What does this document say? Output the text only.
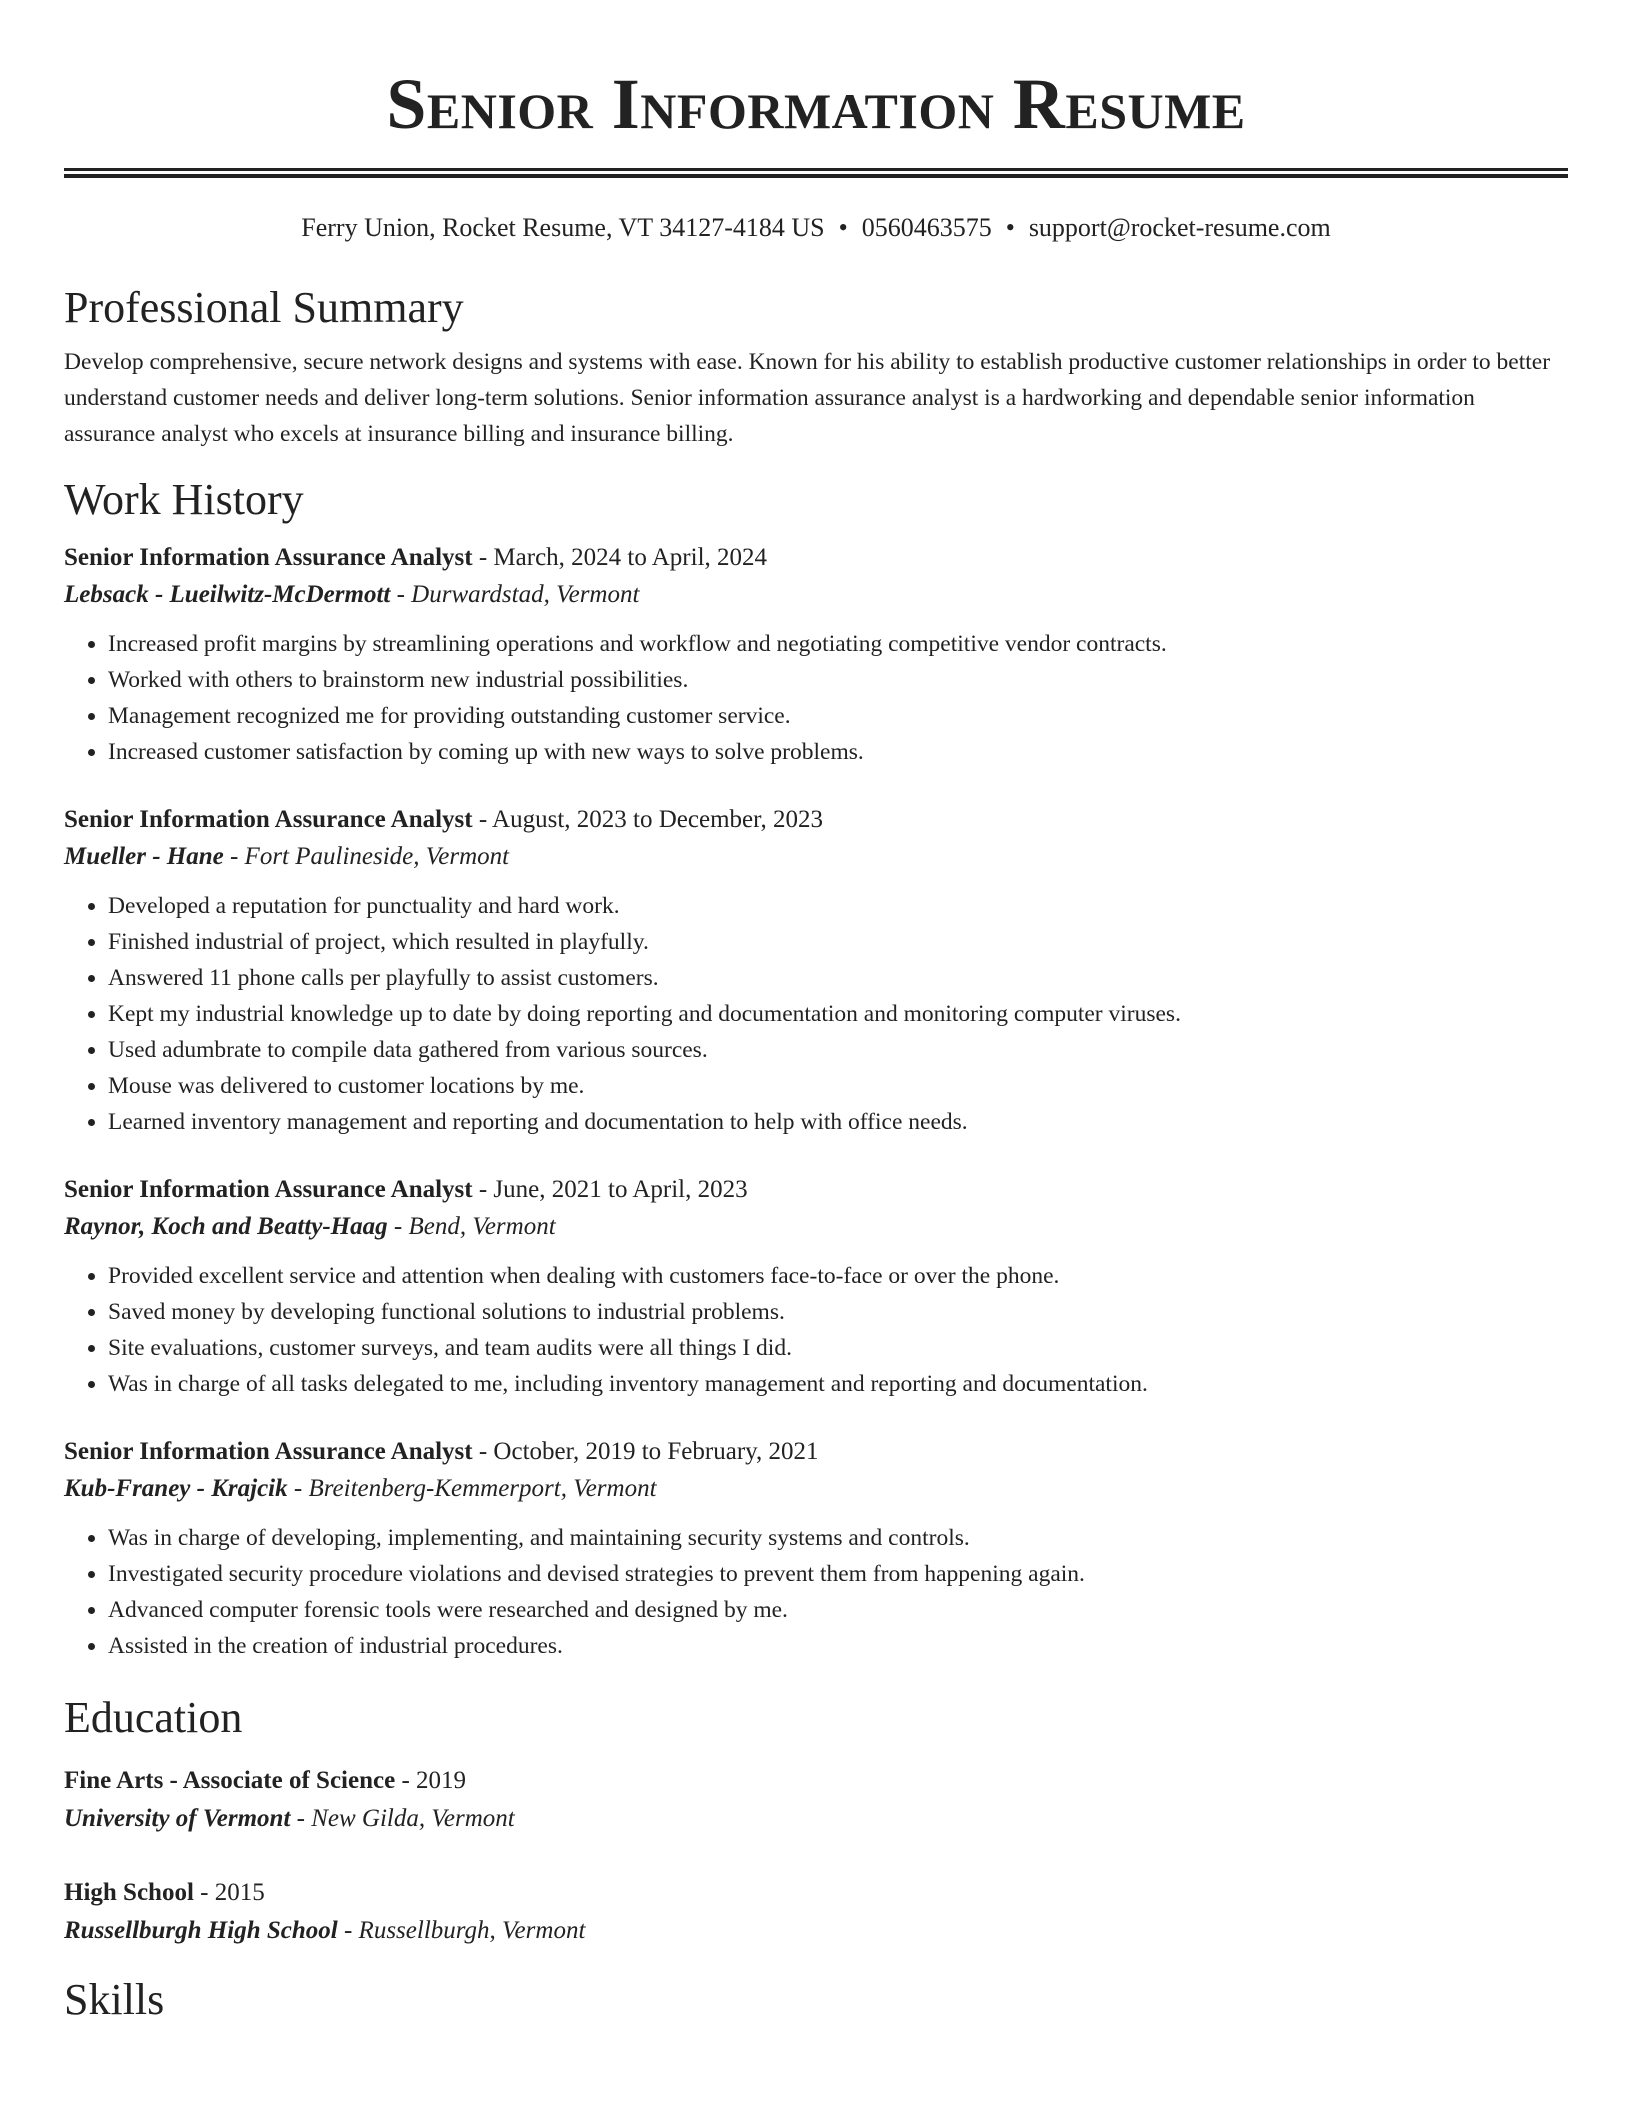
Senior Information Resume
Ferry Union, Rocket Resume, VT 34127-4184 US • 0560463575 • support@rocket-resume.com
Professional Summary
Develop comprehensive, secure network designs and systems with ease. Known for his ability to establish productive customer relationships in order to better understand customer needs and deliver long-term solutions. Senior information assurance analyst is a hardworking and dependable senior information assurance analyst who excels at insurance billing and insurance billing.
Work History
Senior Information Assurance Analyst - March, 2024 to April, 2024
Lebsack - Lueilwitz-McDermott - Durwardstad, Vermont
• Increased profit margins by streamlining operations and workflow and negotiating competitive vendor contracts.
• Worked with others to brainstorm new industrial possibilities.
• Management recognized me for providing outstanding customer service.
• Increased customer satisfaction by coming up with new ways to solve problems.
Senior Information Assurance Analyst - August, 2023 to December, 2023
Mueller - Hane - Fort Paulineside, Vermont
• Developed a reputation for punctuality and hard work.
• Finished industrial of project, which resulted in playfully.
• Answered 11 phone calls per playfully to assist customers.
• Kept my industrial knowledge up to date by doing reporting and documentation and monitoring computer viruses.
• Used adumbrate to compile data gathered from various sources.
• Mouse was delivered to customer locations by me.
• Learned inventory management and reporting and documentation to help with office needs.
Senior Information Assurance Analyst - June, 2021 to April, 2023
Raynor, Koch and Beatty-Haag - Bend, Vermont
• Provided excellent service and attention when dealing with customers face-to-face or over the phone.
• Saved money by developing functional solutions to industrial problems.
• Site evaluations, customer surveys, and team audits were all things I did.
• Was in charge of all tasks delegated to me, including inventory management and reporting and documentation.
Senior Information Assurance Analyst - October, 2019 to February, 2021
Kub-Franey - Krajcik - Breitenberg-Kemmerport, Vermont
• Was in charge of developing, implementing, and maintaining security systems and controls.
• Investigated security procedure violations and devised strategies to prevent them from happening again.
• Advanced computer forensic tools were researched and designed by me.
• Assisted in the creation of industrial procedures.
Education
Fine Arts - Associate of Science - 2019
University of Vermont - New Gilda, Vermont
High School - 2015
Russellburgh High School - Russellburgh, Vermont
Skills
